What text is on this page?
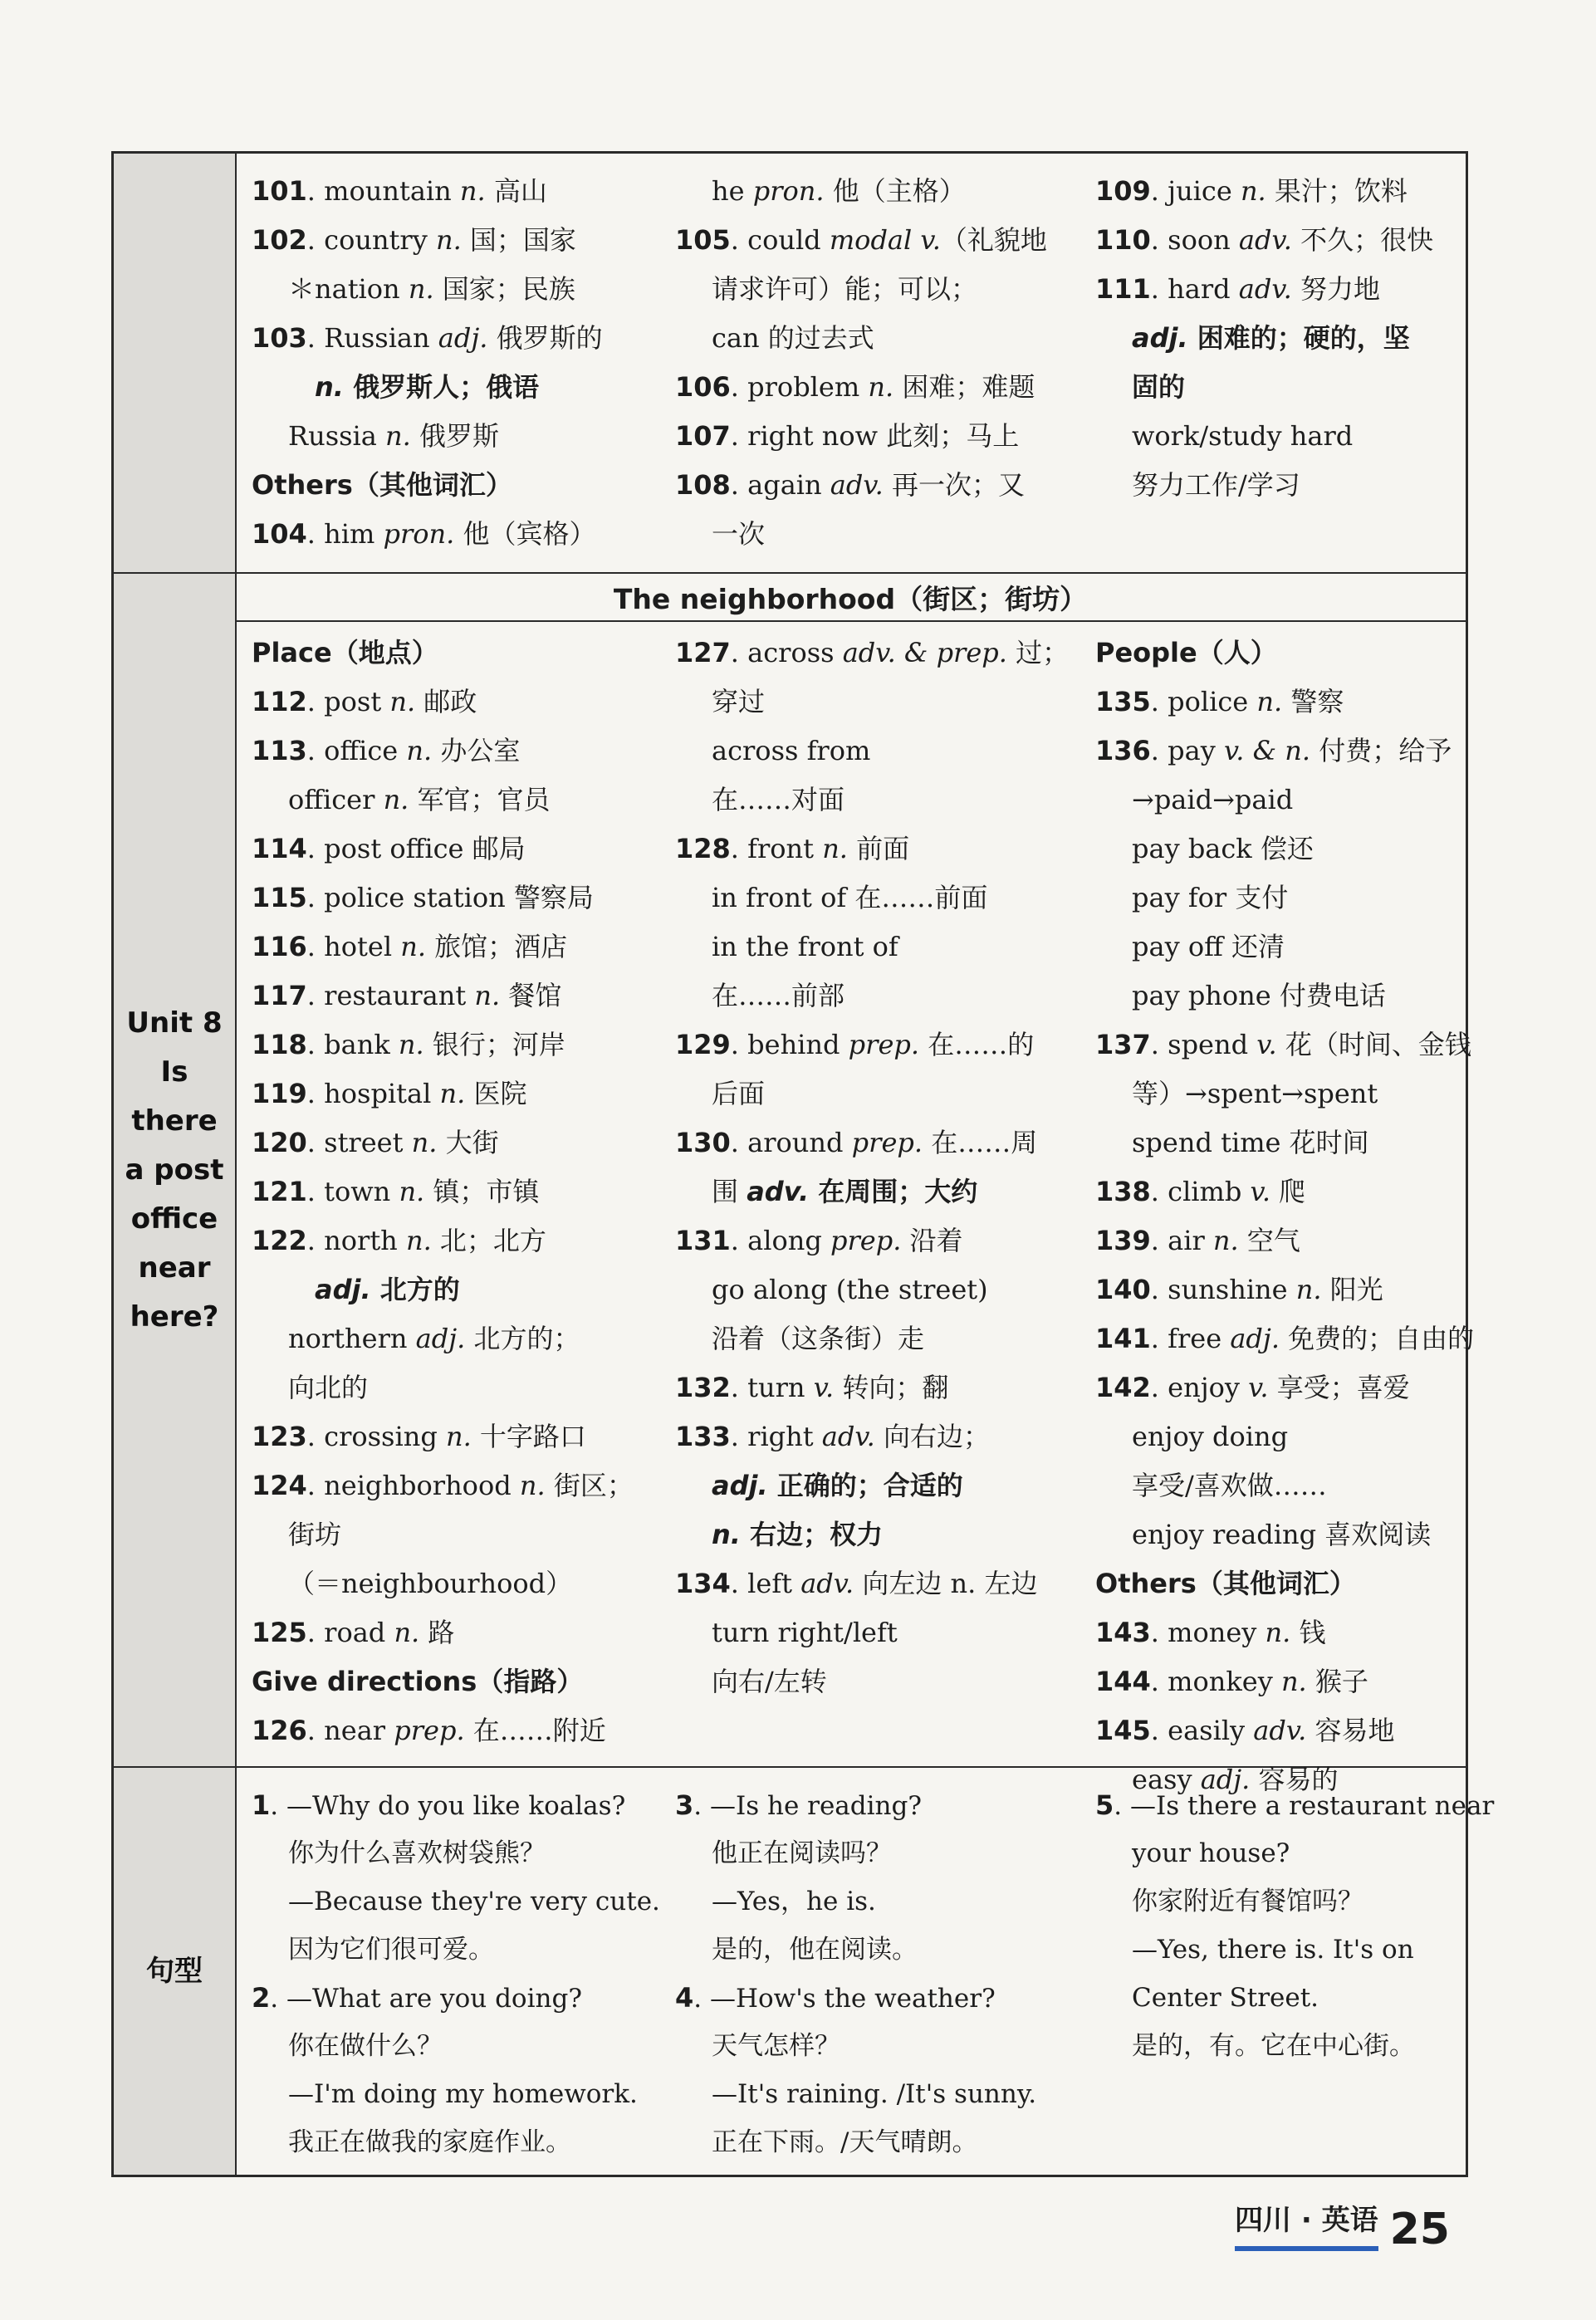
Unit 8
Is there
a post
office
near
here?
句型
The neighborhood（街区；街坊）
101. mountain n. 高山
102. country n. 国；国家
＊nation n. 国家；民族
103. Russian adj. 俄罗斯的
n. 俄罗斯人；俄语
Russia n. 俄罗斯
Others（其他词汇）
104. him pron. 他（宾格）
he pron. 他（主格）
105. could modal v.（礼貌地
请求许可）能；可以；
can 的过去式
106. problem n. 困难；难题
107. right now 此刻；马上
108. again adv. 再一次；又
一次
109. juice n. 果汁；饮料
110. soon adv. 不久；很快
111. hard adv. 努力地
adj. 困难的；硬的，坚
固的
work/study hard
努力工作/学习
Place（地点）
112. post n. 邮政
113. office n. 办公室
officer n. 军官；官员
114. post office 邮局
115. police station 警察局
116. hotel n. 旅馆；酒店
117. restaurant n. 餐馆
118. bank n. 银行；河岸
119. hospital n. 医院
120. street n. 大街
121. town n. 镇；市镇
122. north n. 北；北方
adj. 北方的
northern adj. 北方的；
向北的
123. crossing n. 十字路口
124. neighborhood n. 街区；
街坊
（＝neighbourhood）
125. road n. 路
Give directions（指路）
126. near prep. 在……附近
127. across adv. & prep. 过；
穿过
across from
在……对面
128. front n. 前面
in front of 在……前面
in the front of
在……前部
129. behind prep. 在……的
后面
130. around prep. 在……周
围 adv. 在周围；大约
131. along prep. 沿着
go along (the street)
沿着（这条街）走
132. turn v. 转向；翻
133. right adv. 向右边；
adj. 正确的；合适的
n. 右边；权力
134. left adv. 向左边 n. 左边
turn right/left
向右/左转
People（人）
135. police n. 警察
136. pay v. & n. 付费；给予
→paid→paid
pay back 偿还
pay for 支付
pay off 还清
pay phone 付费电话
137. spend v. 花（时间、金钱
等）→spent→spent
spend time 花时间
138. climb v. 爬
139. air n. 空气
140. sunshine n. 阳光
141. free adj. 免费的；自由的
142. enjoy v. 享受；喜爱
enjoy doing
享受/喜欢做……
enjoy reading 喜欢阅读
Others（其他词汇）
143. money n. 钱
144. monkey n. 猴子
145. easily adv. 容易地
easy adj. 容易的
1. —Why do you like koalas?
你为什么喜欢树袋熊？
—Because they're very cute.
因为它们很可爱。
2. —What are you doing?
你在做什么？
—I'm doing my homework.
我正在做我的家庭作业。
3. —Is he reading?
他正在阅读吗？
—Yes，he is.
是的，他在阅读。
4. —How's the weather?
天气怎样？
—It's raining. /It's sunny.
正在下雨。/天气晴朗。
5. —Is there a restaurant near
your house?
你家附近有餐馆吗？
—Yes, there is. It's on
Center Street.
是的，有。它在中心街。
四川 · 英语 25
